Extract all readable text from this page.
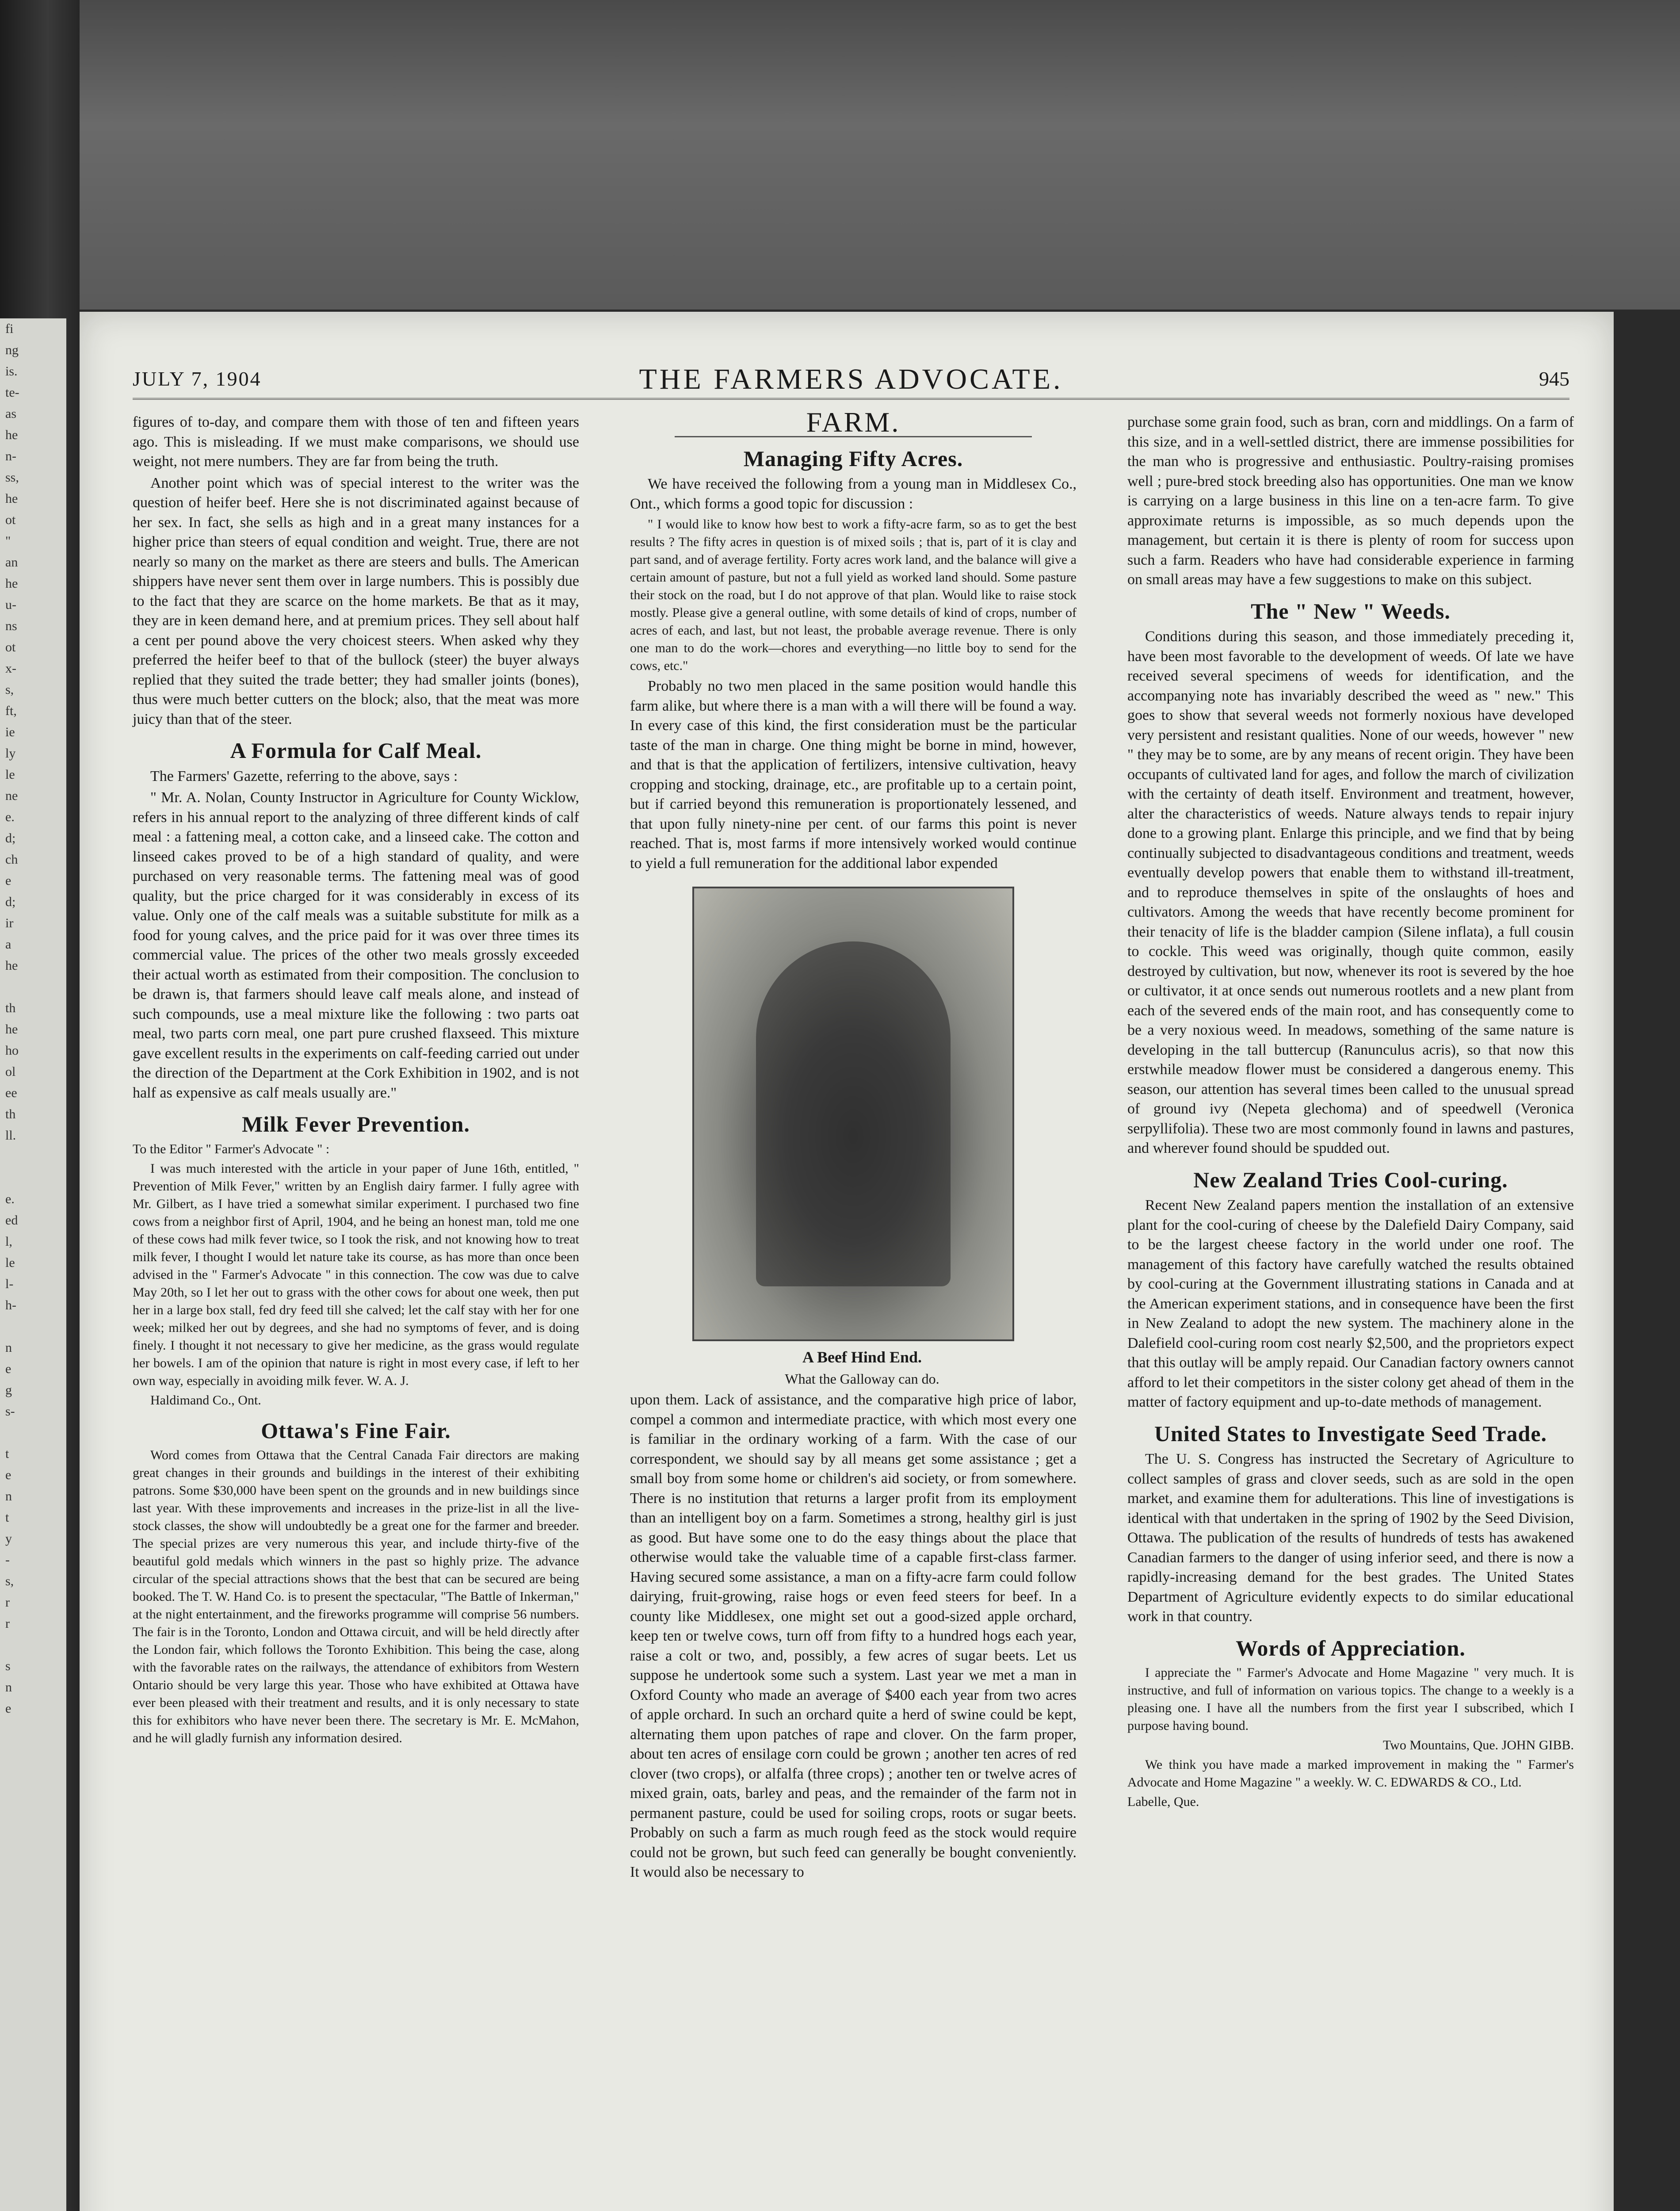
fi
ng
is.
te-
as
he
n-
ss,
he
ot
"
an
he
u-
ns
ot
x-
s,
ft,
ie
ly
le
ne
e.
d;
ch
e
d;
ir
a
he

th
he
ho
ol
ee
th
ll.

e.
ed
l,
le
l-
h-

n
e
g
s-

t
e
n
t
y
-
s,
r
r

s
n
e
JULY 7, 1904	THE FARMERS ADVOCATE.	945

figures of to-day, and compare them with those of ten and fifteen years ago. This is misleading. If we must make comparisons, we should use weight, not mere numbers. They are far from being the truth.

Another point which was of special interest to the writer was the question of heifer beef. Here she is not discriminated against because of her sex. In fact, she sells as high and in a great many instances for a higher price than steers of equal condition and weight. True, there are not nearly so many on the market as there are steers and bulls. The American shippers have never sent them over in large numbers. This is possibly due to the fact that they are scarce on the home markets. Be that as it may, they are in keen demand here, and at premium prices. They sell about half a cent per pound above the very choicest steers. When asked why they preferred the heifer beef to that of the bullock (steer) the buyer always replied that they suited the trade better; they had smaller joints (bones), thus were much better cutters on the block; also, that the meat was more juicy than that of the steer.

A Formula for Calf Meal.

The Farmers' Gazette, referring to the above, says :

" Mr. A. Nolan, County Instructor in Agriculture for County Wicklow, refers in his annual report to the analyzing of three different kinds of calf meal : a fattening meal, a cotton cake, and a linseed cake. The cotton and linseed cakes proved to be of a high standard of quality, and were purchased on very reasonable terms. The fattening meal was of good quality, but the price charged for it was considerably in excess of its value. Only one of the calf meals was a suitable substitute for milk as a food for young calves, and the price paid for it was over three times its commercial value. The prices of the other two meals grossly exceeded their actual worth as estimated from their composition. The conclusion to be drawn is, that farmers should leave calf meals alone, and instead of such compounds, use a meal mixture like the following : two parts oat meal, two parts corn meal, one part pure crushed flaxseed. This mixture gave excellent results in the experiments on calf-feeding carried out under the direction of the Department at the Cork Exhibition in 1902, and is not half as expensive as calf meals usually are."

Milk Fever Prevention.

To the Editor " Farmer's Advocate " :

I was much interested with the article in your paper of June 16th, entitled, " Prevention of Milk Fever," written by an English dairy farmer. I fully agree with Mr. Gilbert, as I have tried a somewhat similar experiment. I purchased two fine cows from a neighbor first of April, 1904, and he being an honest man, told me one of these cows had milk fever twice, so I took the risk, and not knowing how to treat milk fever, I thought I would let nature take its course, as has more than once been advised in the " Farmer's Advocate " in this connection. The cow was due to calve May 20th, so I let her out to grass with the other cows for about one week, then put her in a large box stall, fed dry feed till she calved; let the calf stay with her for one week; milked her out by degrees, and she had no symptoms of fever, and is doing finely. I thought it not necessary to give her medicine, as the grass would regulate her bowels. I am of the opinion that nature is right in most every case, if left to her own way, especially in avoiding milk fever. W. A. J.

Haldimand Co., Ont.

Ottawa's Fine Fair.

Word comes from Ottawa that the Central Canada Fair directors are making great changes in their grounds and buildings in the interest of their exhibiting patrons. Some $30,000 have been spent on the grounds and in new buildings since last year. With these improvements and increases in the prize-list in all the live-stock classes, the show will undoubtedly be a great one for the farmer and breeder. The special prizes are very numerous this year, and include thirty-five of the beautiful gold medals which winners in the past so highly prize. The advance circular of the special attractions shows that the best that can be secured are being booked. The T. W. Hand Co. is to present the spectacular, "The Battle of Inkerman," at the night entertainment, and the fireworks programme will comprise 56 numbers. The fair is in the Toronto, London and Ottawa circuit, and will be held directly after the London fair, which follows the Toronto Exhibition. This being the case, along with the favorable rates on the railways, the attendance of exhibitors from Western Ontario should be very large this year. Those who have exhibited at Ottawa have ever been pleased with their treatment and results, and it is only necessary to state this for exhibitors who have never been there. The secretary is Mr. E. McMahon, and he will gladly furnish any information desired.

FARM.
Managing Fifty Acres.

We have received the following from a young man in Middlesex Co., Ont., which forms a good topic for discussion :

" I would like to know how best to work a fifty-acre farm, so as to get the best results ? The fifty acres in question is of mixed soils ; that is, part of it is clay and part sand, and of average fertility. Forty acres work land, and the balance will give a certain amount of pasture, but not a full yield as worked land should. Some pasture their stock on the road, but I do not approve of that plan. Would like to raise stock mostly. Please give a general outline, with some details of kind of crops, number of acres of each, and last, but not least, the probable average revenue. There is only one man to do the work—chores and everything—no little boy to send for the cows, etc."

Probably no two men placed in the same position would handle this farm alike, but where there is a man with a will there will be found a way. In every case of this kind, the first consideration must be the particular taste of the man in charge. One thing might be borne in mind, however, and that is that the application of fertilizers, intensive cultivation, heavy cropping and stocking, drainage, etc., are profitable up to a certain point, but if carried beyond this remuneration is proportionately lessened, and that upon fully ninety-nine per cent. of our farms this point is never reached. That is, most farms if more intensively worked would continue to yield a full remuneration for the additional labor expended

A Beef Hind End.

What the Galloway can do.

upon them. Lack of assistance, and the comparative high price of labor, compel a common and intermediate practice, with which most every one is familiar in the ordinary working of a farm. With the case of our correspondent, we should say by all means get some assistance ; get a small boy from some home or children's aid society, or from somewhere. There is no institution that returns a larger profit from its employment than an intelligent boy on a farm. Sometimes a strong, healthy girl is just as good. But have some one to do the easy things about the place that otherwise would take the valuable time of a capable first-class farmer. Having secured some assistance, a man on a fifty-acre farm could follow dairying, fruit-growing, raise hogs or even feed steers for beef. In a county like Middlesex, one might set out a good-sized apple orchard, keep ten or twelve cows, turn off from fifty to a hundred hogs each year, raise a colt or two, and, possibly, a few acres of sugar beets. Let us suppose he undertook some such a system. Last year we met a man in Oxford County who made an average of $400 each year from two acres of apple orchard. In such an orchard quite a herd of swine could be kept, alternating them upon patches of rape and clover. On the farm proper, about ten acres of ensilage corn could be grown ; another ten acres of red clover (two crops), or alfalfa (three crops) ; another ten or twelve acres of mixed grain, oats, barley and peas, and the remainder of the farm not in permanent pasture, could be used for soiling crops, roots or sugar beets. Probably on such a farm as much rough feed as the stock would require could not be grown, but such feed can generally be bought conveniently. It would also be necessary to

purchase some grain food, such as bran, corn and middlings. On a farm of this size, and in a well-settled district, there are immense possibilities for the man who is progressive and enthusiastic. Poultry-raising promises well ; pure-bred stock breeding also has opportunities. One man we know is carrying on a large business in this line on a ten-acre farm. To give approximate returns is impossible, as so much depends upon the management, but certain it is there is plenty of room for success upon such a farm. Readers who have had considerable experience in farming on small areas may have a few suggestions to make on this subject.

The " New " Weeds.

Conditions during this season, and those immediately preceding it, have been most favorable to the development of weeds. Of late we have received several specimens of weeds for identification, and the accompanying note has invariably described the weed as " new." This goes to show that several weeds not formerly noxious have developed very persistent and resistant qualities. None of our weeds, however " new " they may be to some, are by any means of recent origin. They have been occupants of cultivated land for ages, and follow the march of civilization with the certainty of death itself. Environment and treatment, however, alter the characteristics of weeds. Nature always tends to repair injury done to a growing plant. Enlarge this principle, and we find that by being continually subjected to disadvantageous conditions and treatment, weeds eventually develop powers that enable them to withstand ill-treatment, and to reproduce themselves in spite of the onslaughts of hoes and cultivators. Among the weeds that have recently become prominent for their tenacity of life is the bladder campion (Silene inflata), a full cousin to cockle. This weed was originally, though quite common, easily destroyed by cultivation, but now, whenever its root is severed by the hoe or cultivator, it at once sends out numerous rootlets and a new plant from each of the severed ends of the main root, and has consequently come to be a very noxious weed. In meadows, something of the same nature is developing in the tall buttercup (Ranunculus acris), so that now this erstwhile meadow flower must be considered a dangerous enemy. This season, our attention has several times been called to the unusual spread of ground ivy (Nepeta glechoma) and of speedwell (Veronica serpyllifolia). These two are most commonly found in lawns and pastures, and wherever found should be spudded out.

New Zealand Tries Cool-curing.

Recent New Zealand papers mention the installation of an extensive plant for the cool-curing of cheese by the Dalefield Dairy Company, said to be the largest cheese factory in the world under one roof. The management of this factory have carefully watched the results obtained by cool-curing at the Government illustrating stations in Canada and at the American experiment stations, and in consequence have been the first in New Zealand to adopt the new system. The machinery alone in the Dalefield cool-curing room cost nearly $2,500, and the proprietors expect that this outlay will be amply repaid. Our Canadian factory owners cannot afford to let their competitors in the sister colony get ahead of them in the matter of factory equipment and up-to-date methods of management.

United States to Investigate Seed Trade.

The U. S. Congress has instructed the Secretary of Agriculture to collect samples of grass and clover seeds, such as are sold in the open market, and examine them for adulterations. This line of investigations is identical with that undertaken in the spring of 1902 by the Seed Division, Ottawa. The publication of the results of hundreds of tests has awakened Canadian farmers to the danger of using inferior seed, and there is now a rapidly-increasing demand for the best grades. The United States Department of Agriculture evidently expects to do similar educational work in that country.

Words of Appreciation.

I appreciate the " Farmer's Advocate and Home Magazine " very much. It is instructive, and full of information on various topics. The change to a weekly is a pleasing one. I have all the numbers from the first year I subscribed, which I purpose having bound.

Two Mountains, Que. JOHN GIBB.

We think you have made a marked improvement in making the " Farmer's Advocate and Home Magazine " a weekly. W. C. EDWARDS & CO., Ltd.

Labelle, Que.
